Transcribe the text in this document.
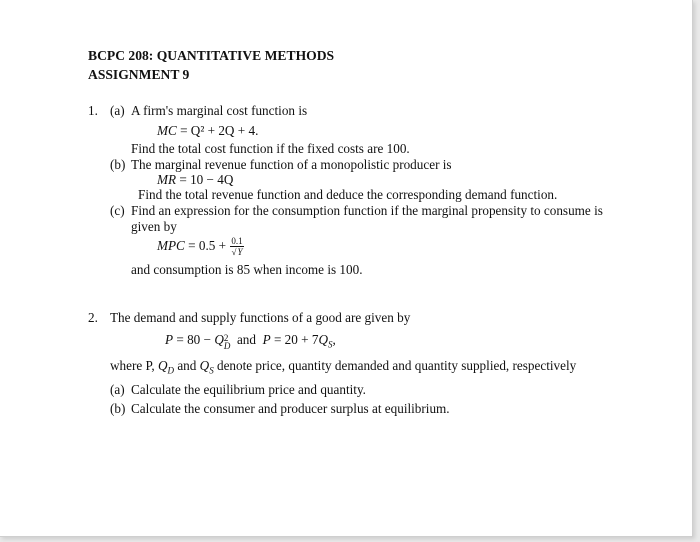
BCPC 208: QUANTITATIVE METHODS
ASSIGNMENT 9
1. (a) A firm's marginal cost function is
MC = Q² + 2Q + 4.
Find the total cost function if the fixed costs are 100.
(b) The marginal revenue function of a monopolistic producer is
MR = 10 − 4Q
Find the total revenue function and deduce the corresponding demand function.
(c) Find an expression for the consumption function if the marginal propensity to consume is
given by
MPC = $0.5 + \frac{0.1}{√Y}$
and consumption is 85 when income is 100.
2. The demand and supply functions of a good are given by
P = 80 − Q 2
D and $P = 20 + 7Q_S$,
where P, $Q_D$ and $Q_S$ denote price, quantity demanded and quantity supplied, respectively
(a) Calculate the equilibrium price and quantity.
(b) Calculate the consumer and producer surplus at equilibrium.
